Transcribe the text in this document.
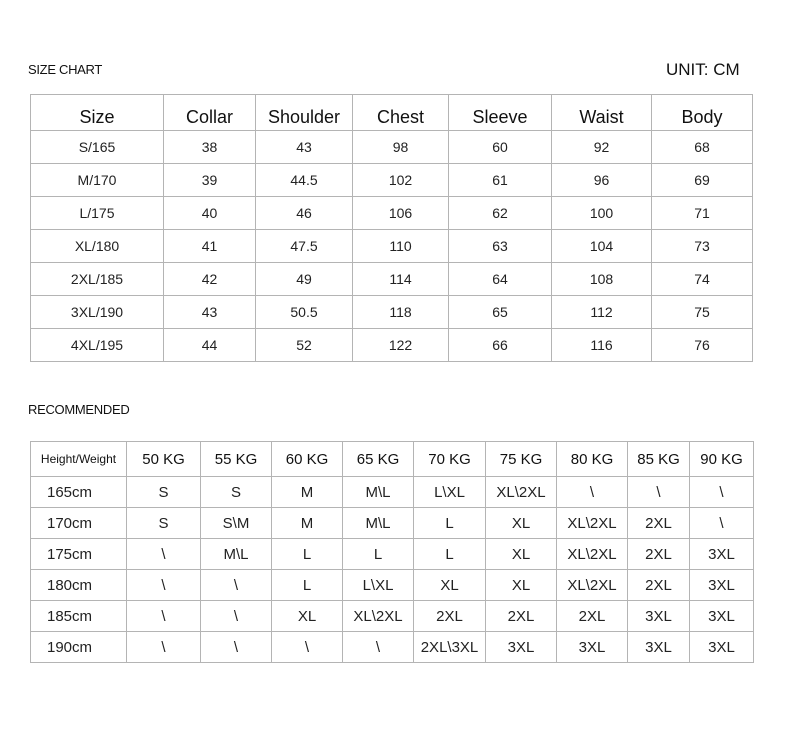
SIZE CHART	UNIT: CM
Size	Collar	Shoulder	Chest	Sleeve	Waist	Body
S/165	38	43	98	60	92	68
M/170	39	44.5	102	61	96	69
L/175	40	46	106	62	100	71
XL/180	41	47.5	110	63	104	73
2XL/185	42	49	114	64	108	74
3XL/190	43	50.5	118	65	112	75
4XL/195	44	52	122	66	116	76
RECOMMENDED
Height/Weight	50 KG	55 KG	60 KG	65 KG	70 KG	75 KG	80 KG	85 KG	90 KG
165cm	S	S	M	M\L	L\XL	XL\2XL	\	\	\
170cm	S	S\M	M	M\L	L	XL	XL\2XL	2XL	\
175cm	\	M\L	L	L	L	XL	XL\2XL	2XL	3XL
180cm	\	\	L	L\XL	XL	XL	XL\2XL	2XL	3XL
185cm	\	\	XL	XL\2XL	2XL	2XL	2XL	3XL	3XL
190cm	\	\	\	\	2XL\3XL	3XL	3XL	3XL	3XL
